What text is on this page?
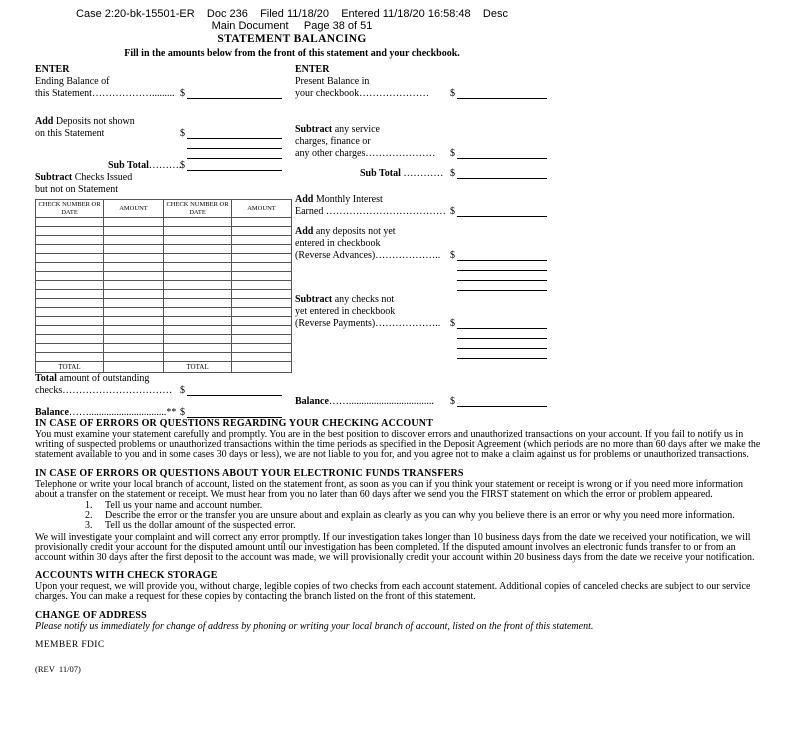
Case 2:20-bk-15501-ER    Doc 236    Filed 11/18/20    Entered 11/18/20 16:58:48    Desc
Main Document     Page 38 of 51
STATEMENT BALANCING
Fill in the amounts below from the front of this statement and your checkbook.
ENTER
Ending Balance of
this Statement………………......... $
Add Deposits not shown
on this Statement	$
Sub Total……….
$
Subtract Checks Issued
but not on Statement
CHECK NUMBER OR DATE	AMOUNT	CHECK NUMBER OR DATE	AMOUNT

TOTAL		TOTAL	
Total amount of outstanding
checks…………………………… $
Balance……...............................** $
ENTER
Present Balance in
your checkbook………………… $
Subtract any service
charges, finance or
any other charges………………… $
Sub Total ………… $
Add Monthly Interest
Earned ……………………………… $
Add any deposits not yet
entered in checkbook
(Reverse Advances)……………….. $
Subtract any checks not
yet entered in checkbook
(Reverse Payments)……………….. $
Balance…….................................. $
IN CASE OF ERRORS OR QUESTIONS REGARDING YOUR CHECKING ACCOUNT

You must examine your statement carefully and promptly. You are in the best position to discover errors and unauthorized transactions on your account. If you fail to notify us in writing of suspected problems or unauthorized transactions within the time periods as specified in the Deposit Agreement (which periods are no more than 60 days after we make the statement available to you and in some cases 30 days or less), we are not liable to you for, and you agree not to make a claim against us for problems or unauthorized transactions.

IN CASE OF ERRORS OR QUESTIONS ABOUT YOUR ELECTRONIC FUNDS TRANSFERS

Telephone or write your local branch of account, listed on the statement front, as soon as you can if you think your statement or receipt is wrong or if you need more information about a transfer on the statement or receipt. We must hear from you no later than 60 days after we send you the FIRST statement on which the error or problem appeared.

1.	Tell us your name and account number.
2.	Describe the error or the transfer you are unsure about and explain as clearly as you can why you believe there is an error or why you need more information.
3.	Tell us the dollar amount of the suspected error.

We will investigate your complaint and will correct any error promptly. If our investigation takes longer than 10 business days from the date we received your notification, we will provisionally credit your account for the disputed amount until our investigation has been completed. If the disputed amount involves an electronic funds transfer to or from an account within 30 days after the first deposit to the account was made, we will provisionally credit your account within 20 business days from the date we receive your notification.

ACCOUNTS WITH CHECK STORAGE

Upon your request, we will provide you, without charge, legible copies of two checks from each account statement. Additional copies of canceled checks are subject to our service charges. You can make a request for these copies by contacting the branch listed on the front of this statement.

CHANGE OF ADDRESS

Please notify us immediately for change of address by phoning or writing your local branch of account, listed on the front of this statement.

MEMBER FDIC
(REV  11/07)
